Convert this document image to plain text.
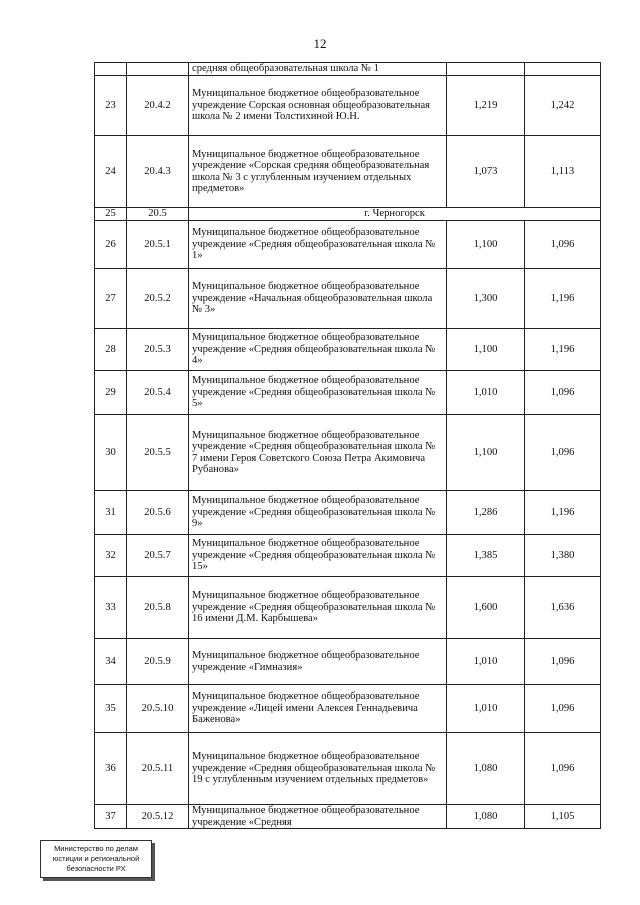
12
		средняя общеобразовательная школа № 1		
23	20.4.2	Муниципальное бюджетное общеобразовательное учреждение Сорская основная общеобразовательная школа № 2 имени Толстихиной Ю.Н.	1,219	1,242
24	20.4.3	Муниципальное бюджетное общеобразовательное учреждение «Сорская средняя общеобразовательная школа № 3 с углубленным изучением отдельных предметов»	1,073	1,113
25	20.5	г. Черногорск		
26	20.5.1	Муниципальное бюджетное общеобразовательное учреждение «Средняя общеобразовательная школа № 1»	1,100	1,096
27	20.5.2	Муниципальное бюджетное общеобразовательное учреждение «Начальная общеобразовательная школа № 3»	1,300	1,196
28	20.5.3	Муниципальное бюджетное общеобразовательное учреждение «Средняя общеобразовательная школа № 4»	1,100	1,196
29	20.5.4	Муниципальное бюджетное общеобразовательное учреждение «Средняя общеобразовательная школа № 5»	1,010	1,096
30	20.5.5	Муниципальное бюджетное общеобразовательное учреждение «Средняя общеобразовательная школа № 7 имени Героя Советского Союза Петра Акимовича Рубанова»	1,100	1,096
31	20.5.6	Муниципальное бюджетное общеобразовательное учреждение «Средняя общеобразовательная школа № 9»	1,286	1,196
32	20.5.7	Муниципальное бюджетное общеобразовательное учреждение «Средняя общеобразовательная школа № 15»	1,385	1,380
33	20.5.8	Муниципальное бюджетное общеобразовательное учреждение «Средняя общеобразовательная школа № 16 имени Д.М. Карбышева»	1,600	1,636
34	20.5.9	Муниципальное бюджетное общеобразовательное учреждение «Гимназия»	1,010	1,096
35	20.5.10	Муниципальное бюджетное общеобразовательное учреждение «Лицей имени Алексея Геннадьевича Баженова»	1,010	1,096
36	20.5.11	Муниципальное бюджетное общеобразовательное учреждение «Средняя общеобразовательная школа № 19 с углубленным изучением отдельных предметов»	1,080	1,096
37	20.5.12	Муниципальное бюджетное общеобразовательное учреждение «Средняя	1,080	1,105
Министерство по делам
юстиции и региональной
безопасности РХ
